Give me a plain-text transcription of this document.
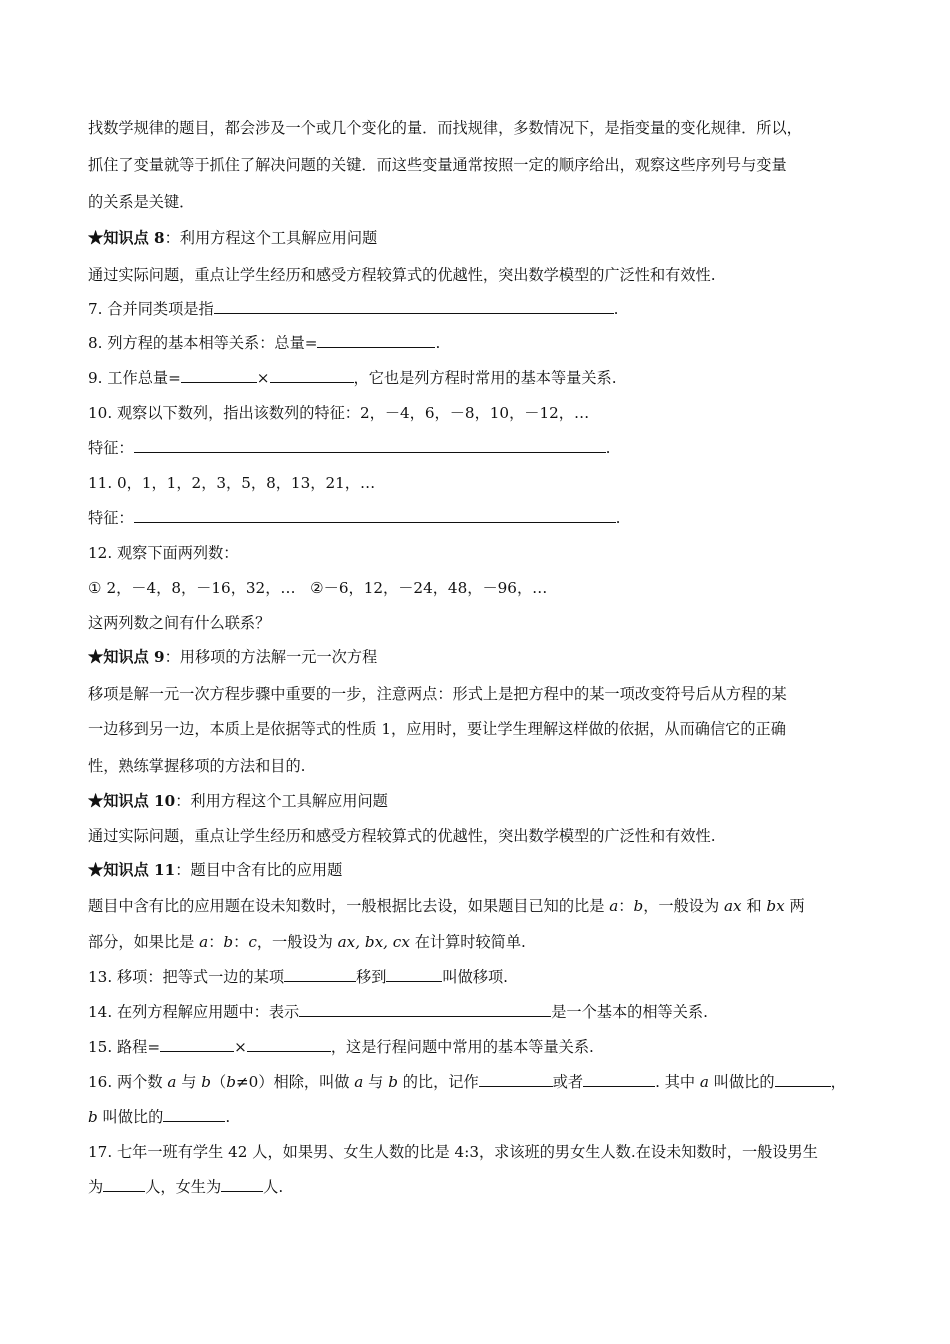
找数学规律的题目，都会涉及一个或几个变化的量．而找规律，多数情况下，是指变量的变化规律．所以，
抓住了变量就等于抓住了解决问题的关键．而这些变量通常按照一定的顺序给出，观察这些序列号与变量
的关系是关键．
★知识点 8：利用方程这个工具解应用问题
通过实际问题，重点让学生经历和感受方程较算式的优越性，突出数学模型的广泛性和有效性.
7. 合并同类项是指	.
8. 列方程的基本相等关系：总量=	.
9. 工作总量=	×	，它也是列方程时常用的基本等量关系.
10. 观察以下数列，指出该数列的特征：2，－4，6，－8，10，－12，…
特征：	.
11. 0，1，1，2，3，5，8，13，21，…
特征：	.
12. 观察下面两列数：
① 2，－4，8，－16，32，…   ②－6，12，－24，48，－96，…
这两列数之间有什么联系？
★知识点 9：用移项的方法解一元一次方程
移项是解一元一次方程步骤中重要的一步，注意两点：形式上是把方程中的某一项改变符号后从方程的某
一边移到另一边，本质上是依据等式的性质 1，应用时，要让学生理解这样做的依据，从而确信它的正确
性，熟练掌握移项的方法和目的.
★知识点 10：利用方程这个工具解应用问题
通过实际问题，重点让学生经历和感受方程较算式的优越性，突出数学模型的广泛性和有效性.
★知识点 11：题目中含有比的应用题
题目中含有比的应用题在设未知数时，一般根据比去设，如果题目已知的比是 a：b，一般设为 ax 和 bx 两
部分，如果比是 a：b：c，一般设为 ax, bx, cx 在计算时较简单.
13. 移项：把等式一边的某项	移到	叫做移项.
14. 在列方程解应用题中：表示	是一个基本的相等关系.
15. 路程=	×	，这是行程问题中常用的基本等量关系.
16. 两个数 a 与 b（b≠0）相除，叫做 a 与 b 的比，记作	或者	. 其中 a 叫做比的	，
b 叫做比的	.
17. 七年一班有学生 42 人，如果男、女生人数的比是 4:3，求该班的男女生人数.在设未知数时，一般设男生
为	人，女生为	人.
